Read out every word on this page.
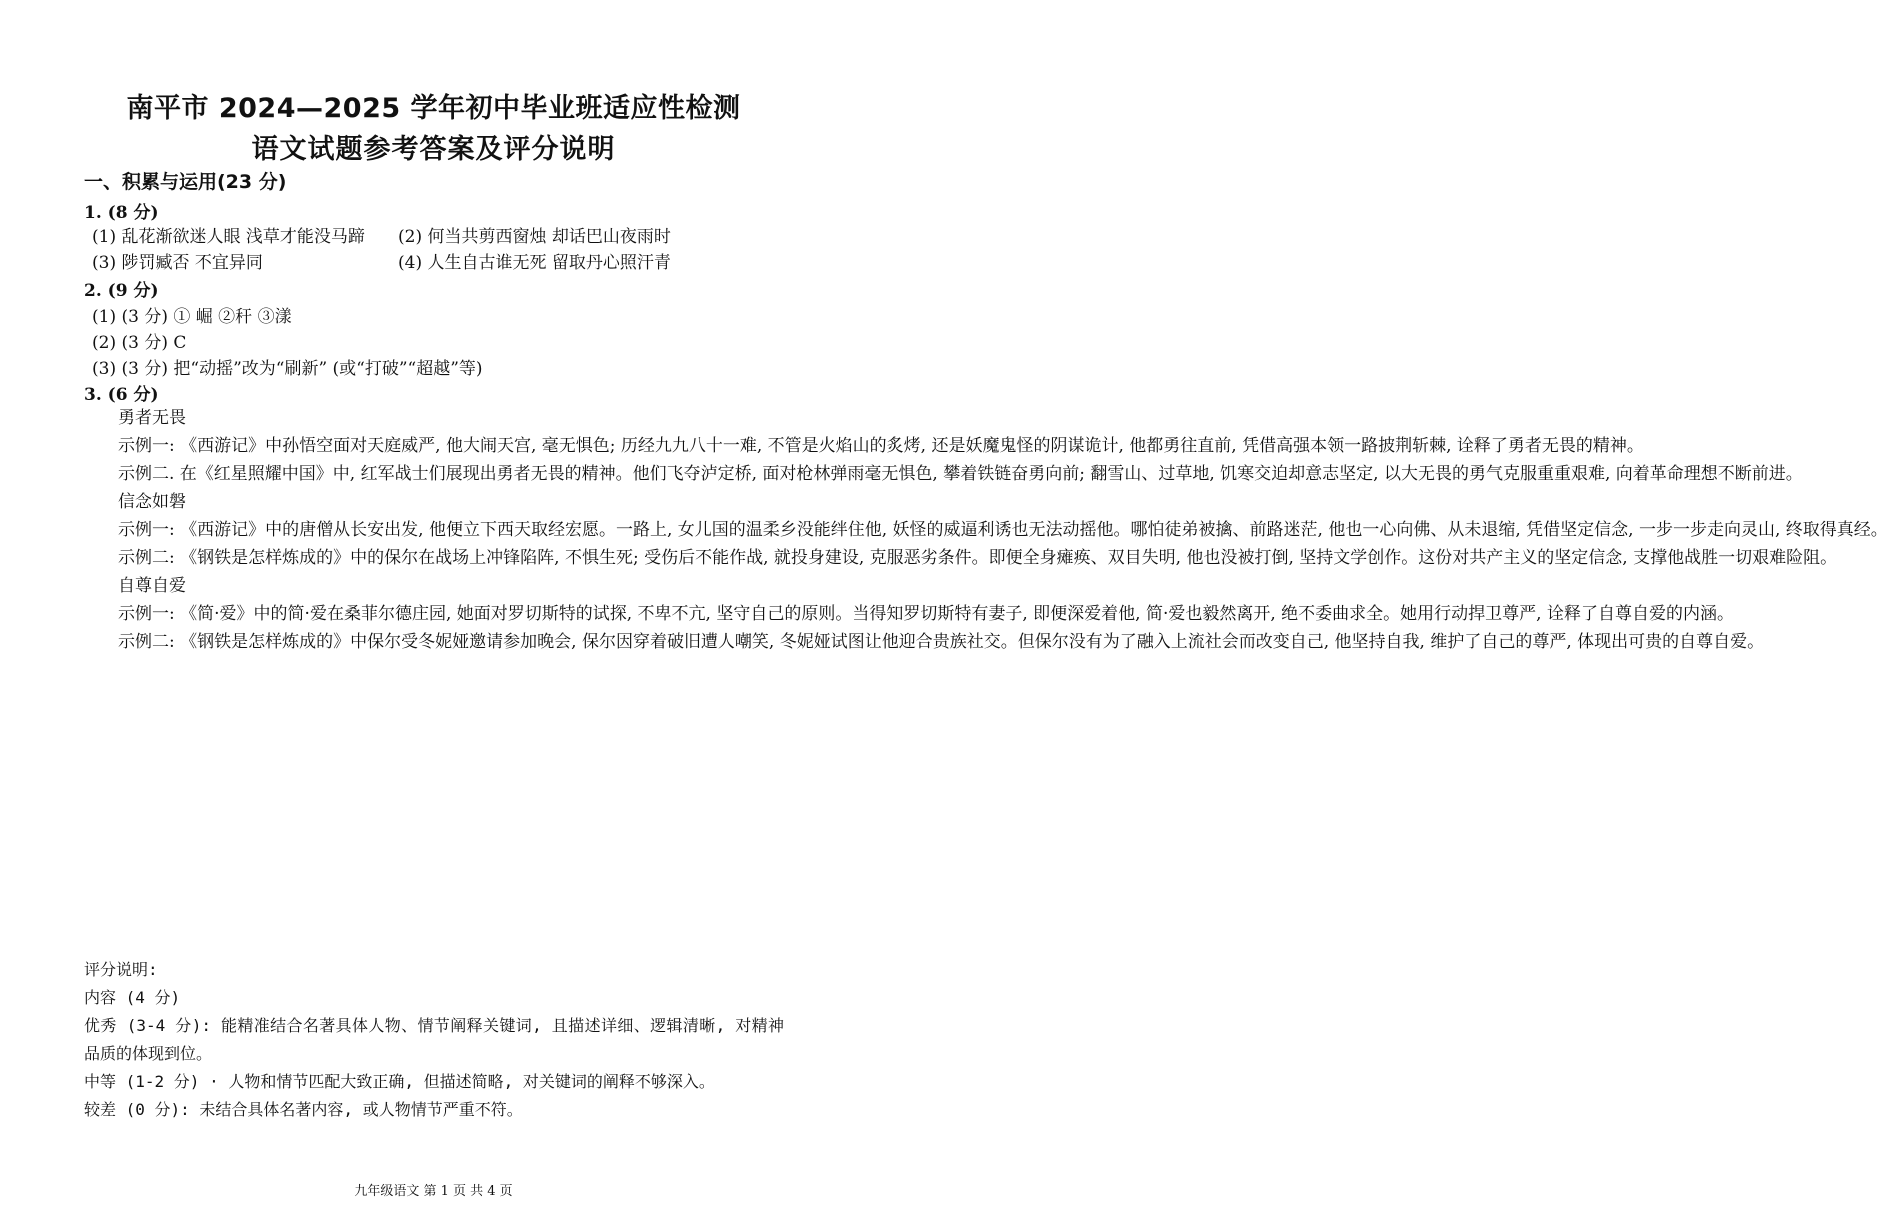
南平市 2024—2025 学年初中毕业班适应性检测
语文试题参考答案及评分说明
一、积累与运用(23 分)
1. (8 分)
(1) 乱花渐欲迷人眼 浅草才能没马蹄 (2) 何当共剪西窗烛 却话巴山夜雨时
(3) 陟罚臧否 不宜异同	(4) 人生自古谁无死 留取丹心照汗青
2. (9 分)
(1) (3 分) ① 崛 ②秆 ③漾
(2) (3 分) C
(3) (3 分) 把“动摇”改为“刷新” (或“打破”“超越”等)
3. (6 分)

勇者无畏

示例一: 《西游记》中孙悟空面对天庭威严, 他大闹天宫, 毫无惧色; 历经九九八十一难, 不管是火焰山的炙烤, 还是妖魔鬼怪的阴谋诡计, 他都勇往直前, 凭借高强本领一路披荆斩棘, 诠释了勇者无畏的精神。

示例二. 在《红星照耀中国》中, 红军战士们展现出勇者无畏的精神。他们飞夺泸定桥, 面对枪林弹雨毫无惧色, 攀着铁链奋勇向前; 翻雪山、过草地, 饥寒交迫却意志坚定, 以大无畏的勇气克服重重艰难, 向着革命理想不断前进。

信念如磐

示例一: 《西游记》中的唐僧从长安出发, 他便立下西天取经宏愿。一路上, 女儿国的温柔乡没能绊住他, 妖怪的威逼利诱也无法动摇他。哪怕徒弟被擒、前路迷茫, 他也一心向佛、从未退缩, 凭借坚定信念, 一步一步走向灵山, 终取得真经。

示例二: 《钢铁是怎样炼成的》中的保尔在战场上冲锋陷阵, 不惧生死; 受伤后不能作战, 就投身建设, 克服恶劣条件。即便全身瘫痪、双目失明, 他也没被打倒, 坚持文学创作。这份对共产主义的坚定信念, 支撑他战胜一切艰难险阻。

自尊自爱

示例一: 《简·爱》中的简·爱在桑菲尔德庄园, 她面对罗切斯特的试探, 不卑不亢, 坚守自己的原则。当得知罗切斯特有妻子, 即便深爱着他, 简·爱也毅然离开, 绝不委曲求全。她用行动捍卫尊严, 诠释了自尊自爱的内涵。

示例二: 《钢铁是怎样炼成的》中保尔受冬妮娅邀请参加晚会, 保尔因穿着破旧遭人嘲笑, 冬妮娅试图让他迎合贵族社交。但保尔没有为了融入上流社会而改变自己, 他坚持自我, 维护了自己的尊严, 体现出可贵的自尊自爱。

评分说明:

内容 (4 分)

优秀 (3-4 分): 能精准结合名著具体人物、情节阐释关键词, 且描述详细、逻辑清晰, 对精神品质的体现到位。

中等 (1-2 分) · 人物和情节匹配大致正确, 但描述简略, 对关键词的阐释不够深入。

较差 (0 分): 未结合具体名著内容, 或人物情节严重不符。

九年级语文 第 1 页 共 4 页
